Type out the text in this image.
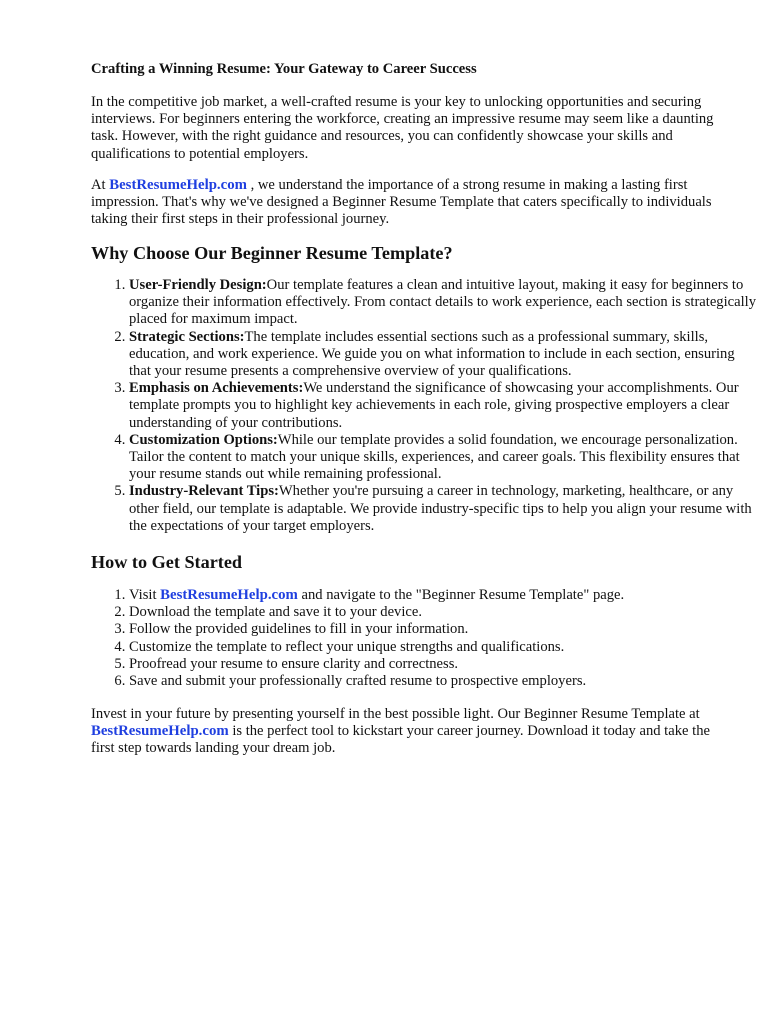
Crafting a Winning Resume: Your Gateway to Career Success

In the competitive job market, a well-crafted resume is your key to unlocking opportunities and securing interviews. For beginners entering the workforce, creating an impressive resume may seem like a daunting task. However, with the right guidance and resources, you can confidently showcase your skills and qualifications to potential employers.

At BestResumeHelp.com , we understand the importance of a strong resume in making a lasting first impression. That's why we've designed a Beginner Resume Template that caters specifically to individuals taking their first steps in their professional journey.

Why Choose Our Beginner Resume Template?
1. User-Friendly Design:Our template features a clean and intuitive layout, making it easy for beginners to organize their information effectively. From contact details to work experience, each section is strategically placed for maximum impact.
2. Strategic Sections:The template includes essential sections such as a professional summary, skills, education, and work experience. We guide you on what information to include in each section, ensuring that your resume presents a comprehensive overview of your qualifications.
3. Emphasis on Achievements:We understand the significance of showcasing your accomplishments. Our template prompts you to highlight key achievements in each role, giving prospective employers a clear understanding of your contributions.
4. Customization Options:While our template provides a solid foundation, we encourage personalization. Tailor the content to match your unique skills, experiences, and career goals. This flexibility ensures that your resume stands out while remaining professional.
5. Industry-Relevant Tips:Whether you're pursuing a career in technology, marketing, healthcare, or any other field, our template is adaptable. We provide industry-specific tips to help you align your resume with the expectations of your target employers.
How to Get Started
1. Visit BestResumeHelp.com and navigate to the "Beginner Resume Template" page.
2. Download the template and save it to your device.
3. Follow the provided guidelines to fill in your information.
4. Customize the template to reflect your unique strengths and qualifications.
5. Proofread your resume to ensure clarity and correctness.
6. Save and submit your professionally crafted resume to prospective employers.

Invest in your future by presenting yourself in the best possible light. Our Beginner Resume Template at BestResumeHelp.com is the perfect tool to kickstart your career journey. Download it today and take the first step towards landing your dream job.
